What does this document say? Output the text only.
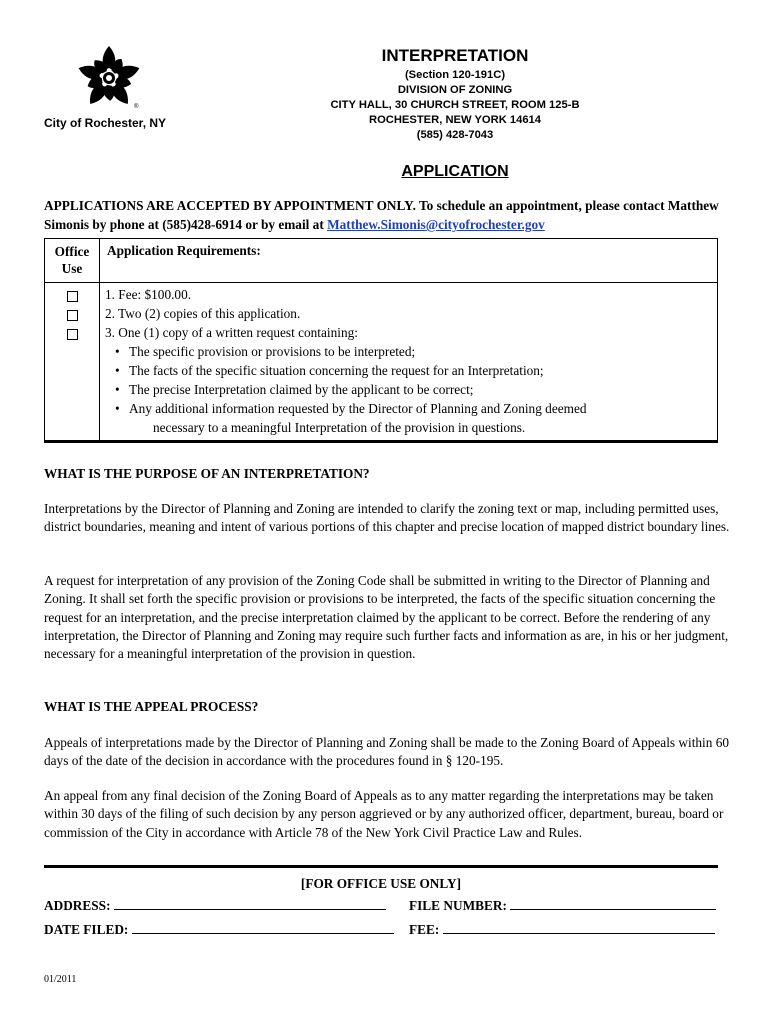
®
City of Rochester, NY
INTERPRETATION
(Section 120-191C)
DIVISION OF ZONING
CITY HALL, 30 CHURCH STREET, ROOM 125-B
ROCHESTER, NEW YORK 14614
(585) 428-7043
APPLICATION
APPLICATIONS ARE ACCEPTED BY APPOINTMENT ONLY. To schedule an appointment, please contact Matthew Simonis by phone at (585)428-6914 or by email at Matthew.Simonis@cityofrochester.gov
Office Use
Application Requirements:
1. Fee: $100.00.
2. Two (2) copies of this application.
3. One (1) copy of a written request containing:
• The specific provision or provisions to be interpreted;
• The facts of the specific situation concerning the request for an Interpretation;
• The precise Interpretation claimed by the applicant to be correct;
• Any additional information requested by the Director of Planning and Zoning deemed
necessary to a meaningful Interpretation of the provision in questions.
WHAT IS THE PURPOSE OF AN INTERPRETATION?
Interpretations by the Director of Planning and Zoning are intended to clarify the zoning text or map, including permitted uses, district boundaries, meaning and intent of various portions of this chapter and precise location of mapped district boundary lines.
A request for interpretation of any provision of the Zoning Code shall be submitted in writing to the Director of Planning and Zoning. It shall set forth the specific provision or provisions to be interpreted, the facts of the specific situation concerning the request for an interpretation, and the precise interpretation claimed by the applicant to be correct. Before the rendering of any interpretation, the Director of Planning and Zoning may require such further facts and information as are, in his or her judgment, necessary for a meaningful interpretation of the provision in question.
WHAT IS THE APPEAL PROCESS?
Appeals of interpretations made by the Director of Planning and Zoning shall be made to the Zoning Board of Appeals within 60 days of the date of the decision in accordance with the procedures found in § 120-195.
An appeal from any final decision of the Zoning Board of Appeals as to any matter regarding the interpretations may be taken within 30 days of the filing of such decision by any person aggrieved or by any authorized officer, department, bureau, board or commission of the City in accordance with Article 78 of the New York Civil Practice Law and Rules.
[FOR OFFICE USE ONLY]
ADDRESS:	FILE NUMBER:
DATE FILED:	FEE:
01/2011
